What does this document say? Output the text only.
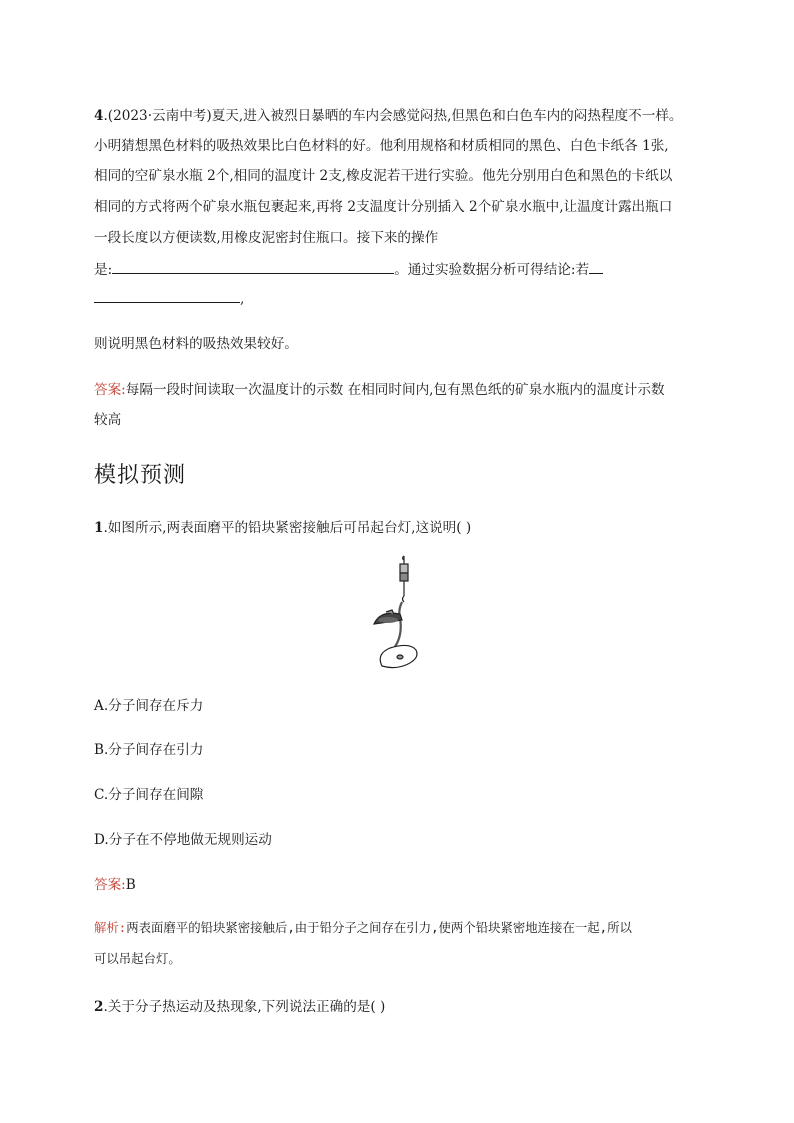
4.(2023·云南中考)夏天,进入被烈日暴晒的车内会感觉闷热,但黑色和白色车内的闷热程度不一样。
小明猜想黑色材料的吸热效果比白色材料的好。他利用规格和材质相同的黑色、白色卡纸各 1张,
相同的空矿泉水瓶 2个,相同的温度计 2支,橡皮泥若干进行实验。他先分别用白色和黑色的卡纸以
相同的方式将两个矿泉水瓶包裹起来,再将 2支温度计分别插入 2个矿泉水瓶中,让温度计露出瓶口
一段长度以方便读数,用橡皮泥密封住瓶口。接下来的操作
是:	。通过实验数据分析可得结论:若
,
则说明黑色材料的吸热效果较好。
答案:每隔一段时间读取一次温度计的示数 在相同时间内,包有黑色纸的矿泉水瓶内的温度计示数
较高
模拟预测
1.如图所示,两表面磨平的铅块紧密接触后可吊起台灯,这说明( )
A.分子间存在斥力
B.分子间存在引力
C.分子间存在间隙
D.分子在不停地做无规则运动
答案:B
解析:两表面磨平的铅块紧密接触后,由于铅分子之间存在引力,使两个铅块紧密地连接在一起,所以
可以吊起台灯。
2.关于分子热运动及热现象,下列说法正确的是( )
